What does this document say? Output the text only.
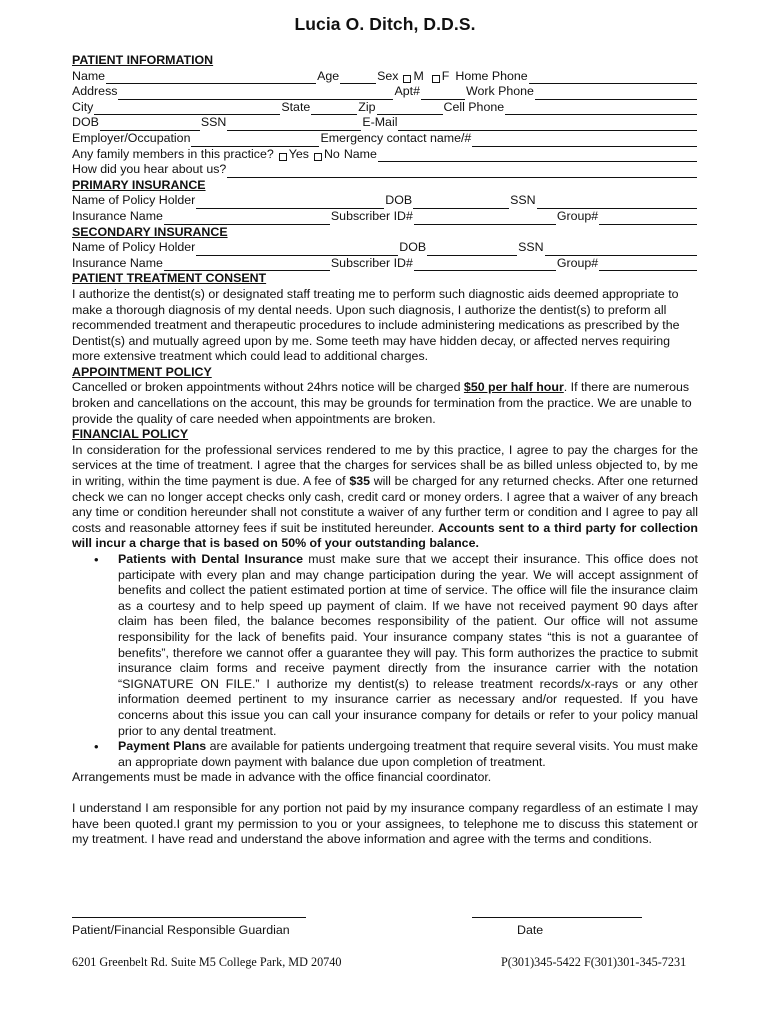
Lucia O. Ditch, D.D.S.
PATIENT INFORMATION
Name	Age	Sex M F Home Phone
Address	Apt#	Work Phone
City	State	Zip	Cell Phone
DOB	SSN	E-Mail
Employer/Occupation	Emergency contact name/#
Any family members in this practice? Yes No Name
How did you hear about us?
PRIMARY INSURANCE
Name of Policy Holder	DOB	SSN
Insurance Name	Subscriber ID#	Group#
SECONDARY INSURANCE
Name of Policy Holder	DOB	SSN
Insurance Name	Subscriber ID#	Group#
PATIENT TREATMENT CONSENT

I authorize the dentist(s) or designated staff treating me to perform such diagnostic aids deemed appropriate to make a thorough diagnosis of my dental needs. Upon such diagnosis, I authorize the dentist(s) to preform all recommended treatment and therapeutic procedures to include administering medications as prescribed by the Dentist(s) and mutually agreed upon by me. Some teeth may have hidden decay, or affected nerves requiring more extensive treatment which could lead to additional charges.

APPOINTMENT POLICY

Cancelled or broken appointments without 24hrs notice will be charged $50 per half hour. If there are numerous broken and cancellations on the account, this may be grounds for termination from the practice. We are unable to provide the quality of care needed when appointments are broken.

FINANCIAL POLICY

In consideration for the professional services rendered to me by this practice, I agree to pay the charges for the services at the time of treatment. I agree that the charges for services shall be as billed unless objected to, by me in writing, within the time payment is due. A fee of $35 will be charged for any returned checks. After one returned check we can no longer accept checks only cash, credit card or money orders. I agree that a waiver of any breach any time or condition hereunder shall not constitute a waiver of any further term or condition and I agree to pay all costs and reasonable attorney fees if suit be instituted hereunder. Accounts sent to a third party for collection will incur a charge that is based on 50% of your outstanding balance.

• Patients with Dental Insurance must make sure that we accept their insurance. This office does not participate with every plan and may change participation during the year. We will accept assignment of benefits and collect the patient estimated portion at time of service. The office will file the insurance claim as a courtesy and to help speed up payment of claim. If we have not received payment 90 days after claim has been filed, the balance becomes responsibility of the patient. Our office will not assume responsibility for the lack of benefits paid. Your insurance company states “this is not a guarantee of benefits”, therefore we cannot offer a guarantee they will pay. This form authorizes the practice to submit insurance claim forms and receive payment directly from the insurance carrier with the notation “SIGNATURE ON FILE.” I authorize my dentist(s) to release treatment records/x-rays or any other information deemed pertinent to my insurance carrier as necessary and/or requested. If you have concerns about this issue you can call your insurance company for details or refer to your policy manual prior to any dental treatment.
• Payment Plans are available for patients undergoing treatment that require several visits. You must make an appropriate down payment with balance due upon completion of treatment.

Arrangements must be made in advance with the office financial coordinator.

I understand I am responsible for any portion not paid by my insurance company regardless of an estimate I may have been quoted.I grant my permission to you or your assignees, to telephone me to discuss this statement or my treatment. I have read and understand the above information and agree with the terms and conditions.

Patient/Financial Responsible Guardian	Date
6201 Greenbelt Rd. Suite M5 College Park, MD 20740	P(301)345-5422 F(301)301-345-7231
